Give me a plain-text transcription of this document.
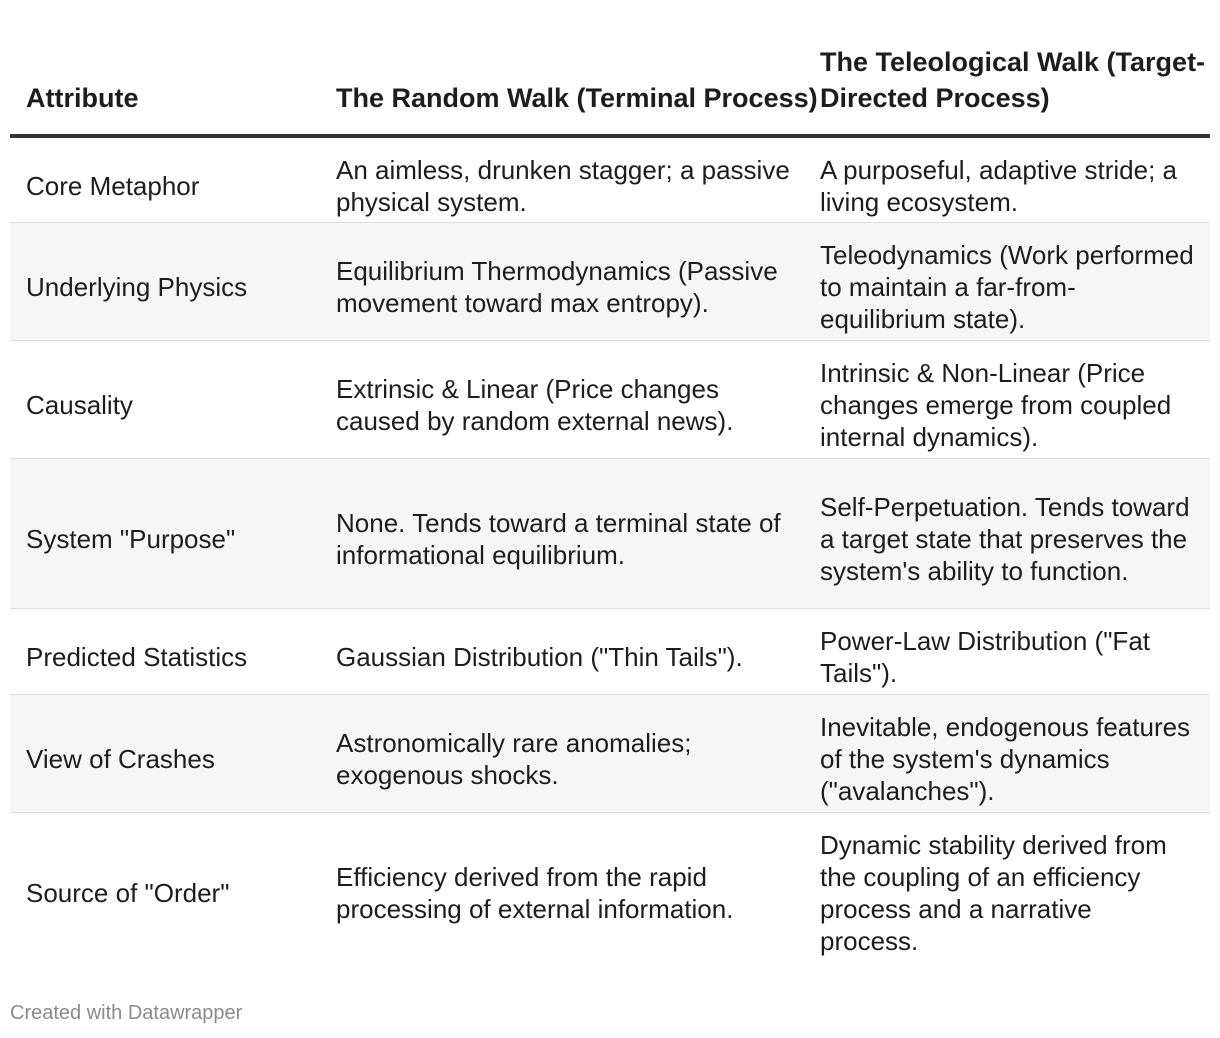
Attribute	The Random Walk (Terminal Process)	The Teleological Walk (Target-Directed Process)
Core Metaphor	An aimless, drunken stagger; a passive physical system.	A purposeful, adaptive stride; a living ecosystem.
Underlying Physics	Equilibrium Thermodynamics (Passive movement toward max entropy).	Teleodynamics (Work performed to maintain a far-from-equilibrium state).
Causality	Extrinsic & Linear (Price changes caused by random external news).	Intrinsic & Non-Linear (Price changes emerge from coupled internal dynamics).
System "Purpose"	None. Tends toward a terminal state of informational equilibrium.	Self-Perpetuation. Tends toward a target state that preserves the system's ability to function.
Predicted Statistics	Gaussian Distribution ("Thin Tails").	Power-Law Distribution ("Fat Tails").
View of Crashes	Astronomically rare anomalies; exogenous shocks.	Inevitable, endogenous features of the system's dynamics ("avalanches").
Source of "Order"	Efficiency derived from the rapid processing of external information.	Dynamic stability derived from the coupling of an efficiency process and a narrative process.
Created with Datawrapper
